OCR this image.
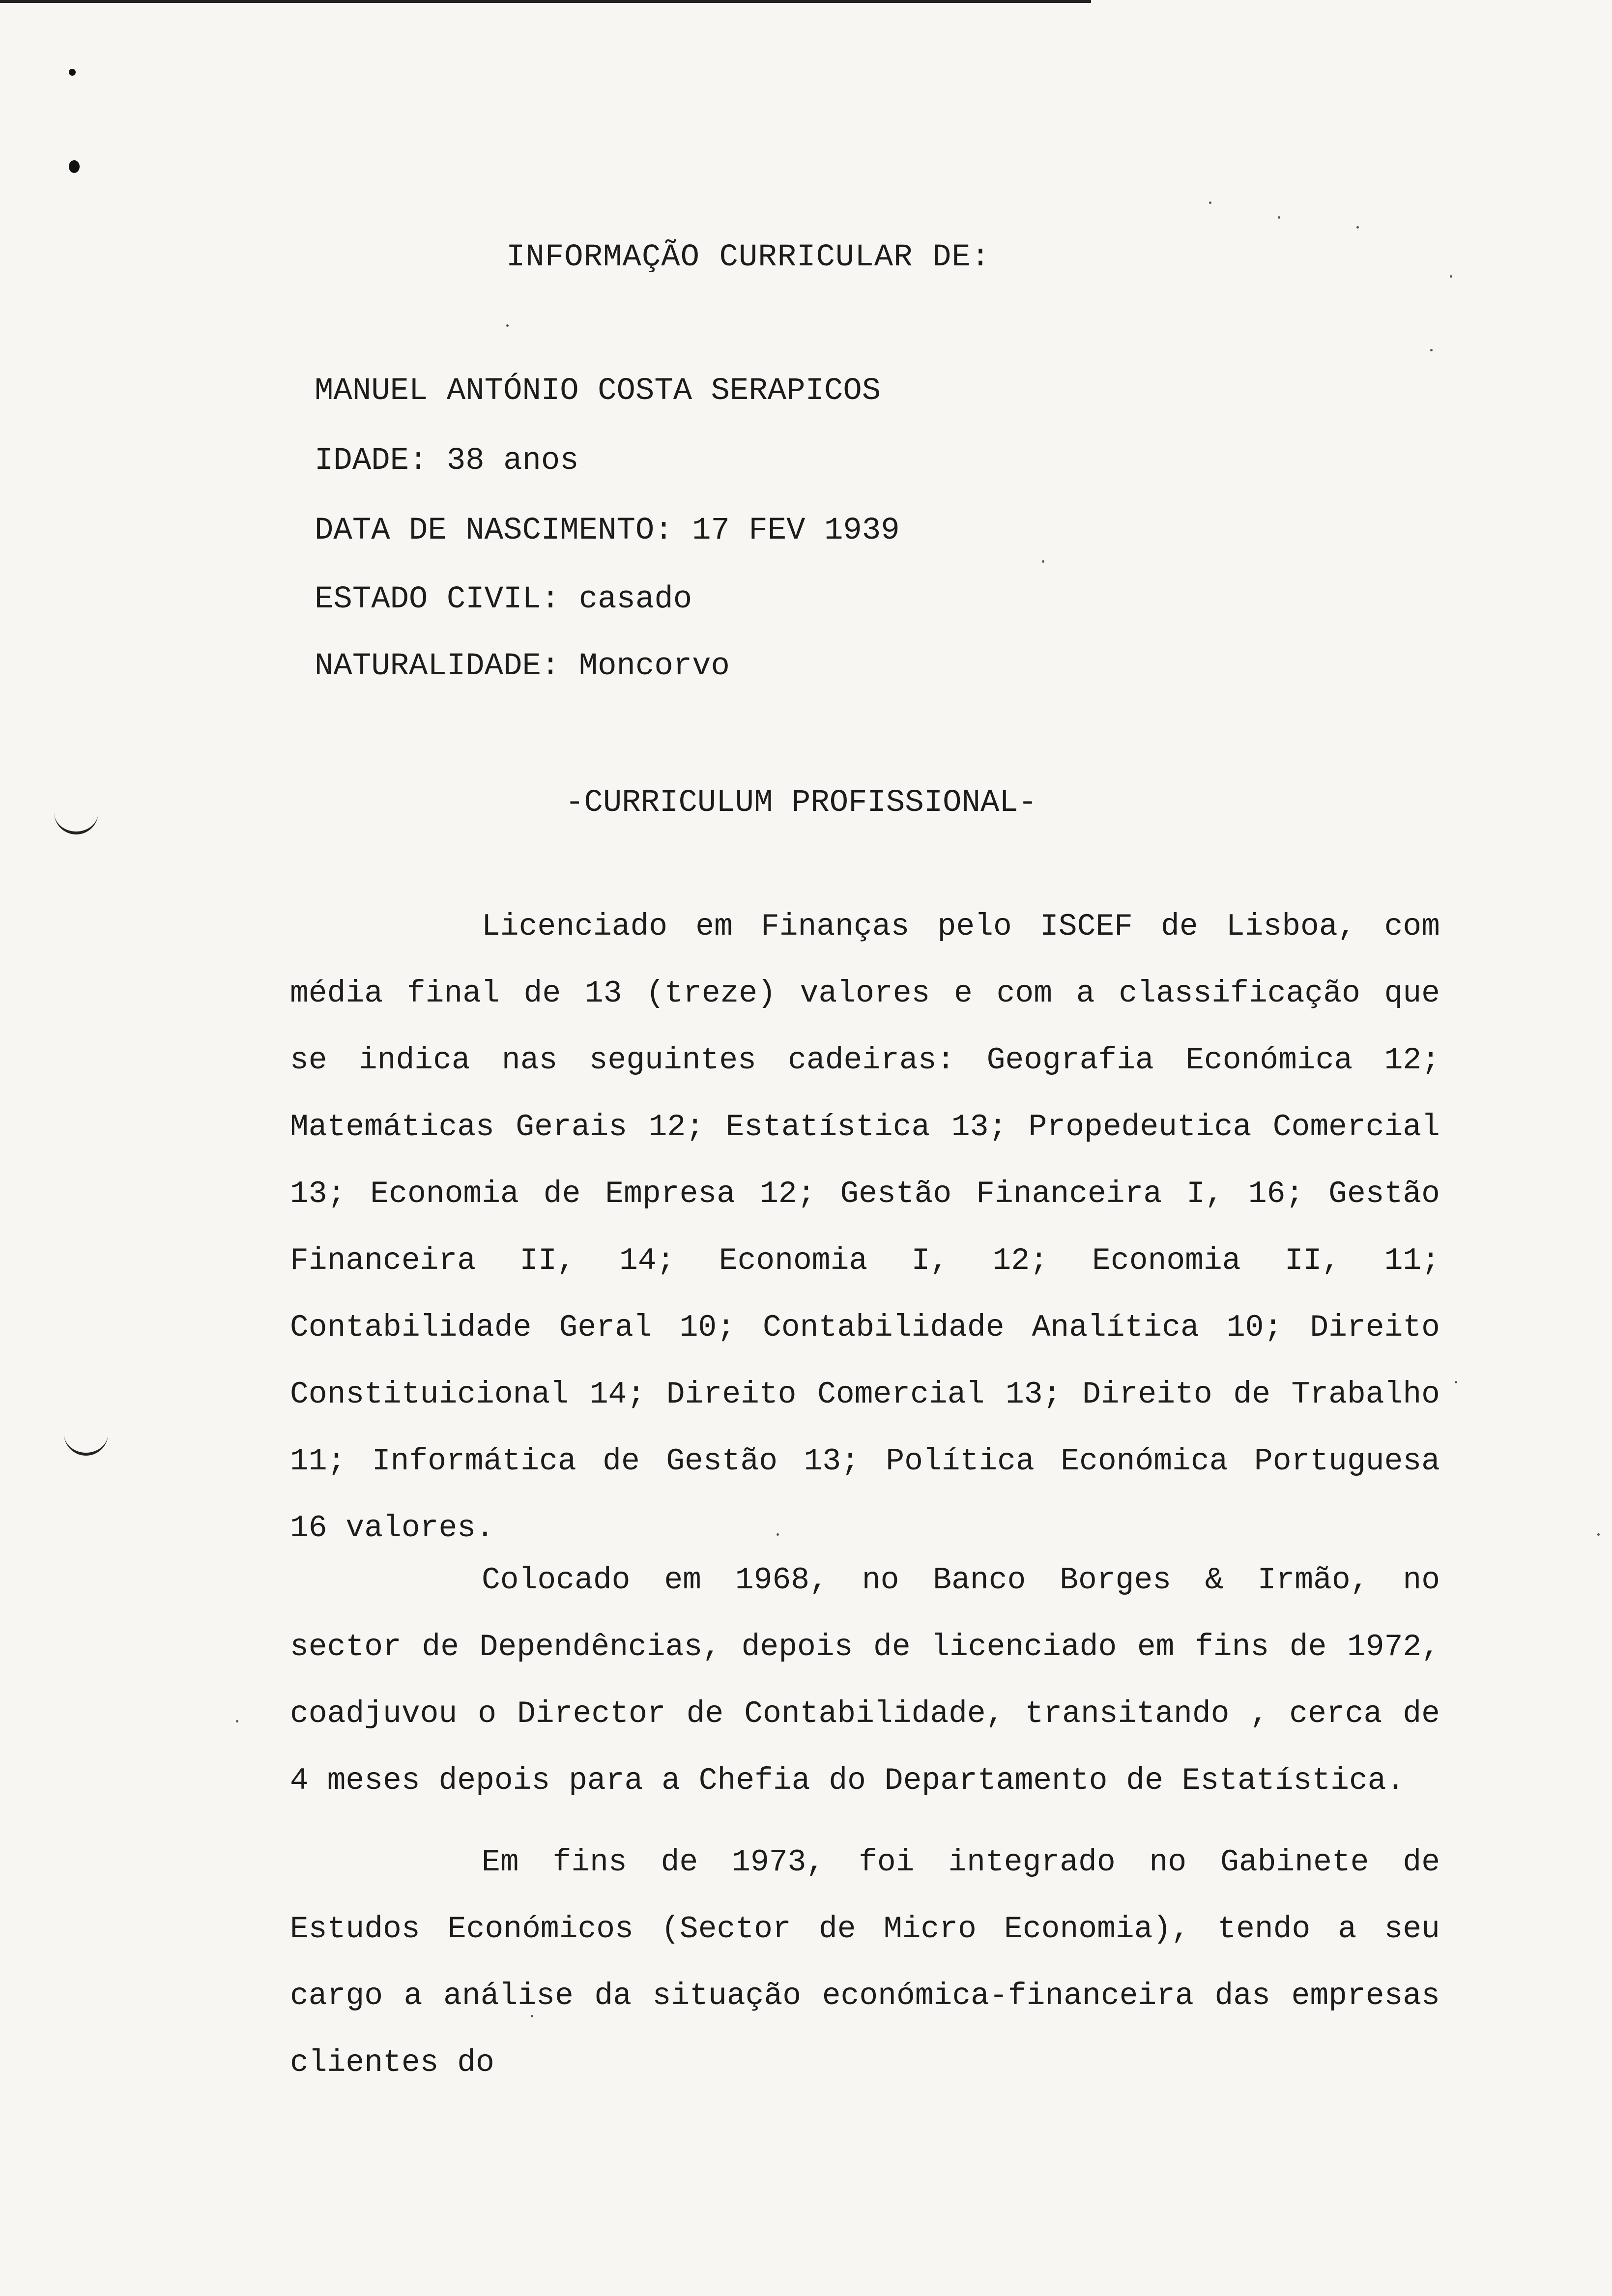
INFORMAÇÃO CURRICULAR DE:
MANUEL ANTÓNIO COSTA SERAPICOS
IDADE: 38 anos
DATA DE NASCIMENTO: 17 FEV 1939
ESTADO CIVIL: casado
NATURALIDADE: Moncorvo
-CURRICULUM PROFISSIONAL-

Licenciado em Finanças pelo ISCEF de Lisboa, com média final de 13 (treze) valores e com a classificação que se indica nas seguintes cadeiras: Geografia Económica 12; Matemáticas Gerais 12; Estatística 13; Propedeutica Comercial 13; Economia de Empresa 12; Gestão Financeira I, 16; Gestão Financeira II, 14; Economia I, 12; Economia II, 11; Contabilidade Geral 10; Contabilidade Analítica 10; Direito Constituicional 14; Direito Comercial 13; Direito de Trabalho 11; Informática de Gestão 13; Política Económica Portuguesa 16 valores.

Colocado em 1968, no Banco Borges & Irmão, no sector de Dependências, depois de licenciado em fins de 1972, coadjuvou o Director de Contabilidade, transitando , cerca de 4 meses depois para a Chefia do Departamento de Estatística.

Em fins de 1973, foi integrado no Gabinete de Estudos Económicos (Sector de Micro Economia), tendo a seu cargo a análise da situação económica-financeira das empresas clientes do
